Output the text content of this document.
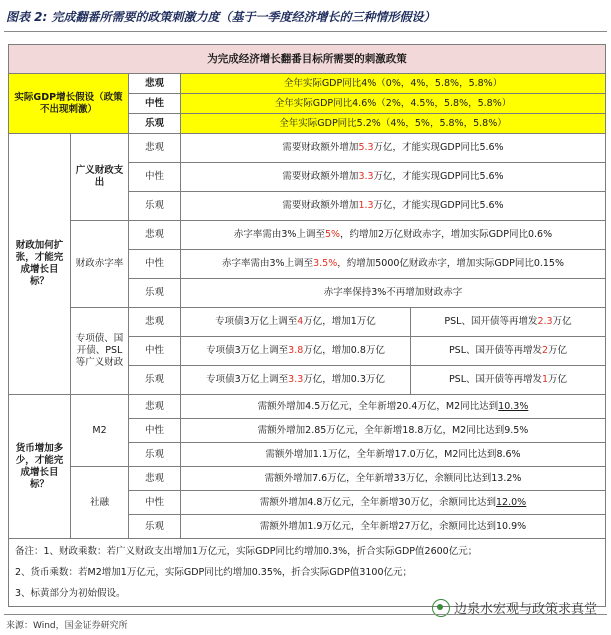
图表 2: 完成翻番所需要的政策刺激力度（基于一季度经济增长的三种情形假设）
为完成经济增长翻番目标所需要的刺激政策				
实际GDP增长假设（政策不出现刺激）		悲观	全年实际GDP同比4%（0%，4%，5.8%，5.8%）	
		中性	全年实际GDP同比4.6%（2%，4.5%，5.8%，5.8%）	
		乐观	全年实际GDP同比5.2%（4%，5%，5.8%，5.8%）	
财政加何扩张，才能完成增长目标？	广义财政支出	悲观	需要财政额外增加5.3万亿，才能实现GDP同比5.6%	
		中性	需要财政额外增加3.3万亿，才能实现GDP同比5.6%	
		乐观	需要财政额外增加1.3万亿，才能实现GDP同比5.6%	
	财政赤字率	悲观	赤字率需由3%上调至5%，约增加2万亿财政赤字，增加实际GDP同比0.6%	
		中性	赤字率需由3%上调至3.5%，約增加5000亿财政赤字，增加实际GDP同比0.15%	
		乐观	赤字率保持3%不再增加财政赤字	
	专项债、国开债、PSL等广义财政	悲观	专项债3万亿上调至4万亿，增加1万亿	PSL、国开债等再增发2.3万亿
		中性	专项债3万亿上调至3.8万亿，增加0.8万亿	PSL、国开债等再增发2万亿
		乐观	专项债3万亿上调至3.3万亿，增加0.3万亿	PSL、国开债等再增发1万亿
货币增加多少，才能完成增长目标？	M2	悲观	需额外增加4.5万亿元，全年新增20.4万亿，M2同比达到10.3%	
		中性	需额外增加2.85万亿元，全年新增18.8万亿，M2同比达到9.5%	
		乐观	需额外增加1.1万亿，全年新增17.0万亿，M2同比达到8.6%	
	社融	悲观	需额外增加7.6万亿，全年新增33万亿，余额同比达到13.2%	
		中性	需额外增加4.8万亿元，全年新增30万亿，余额同比达到12.0%	
		乐观	需额外增加1.9万亿元，全年新增27万亿，余额同比达到10.9%	

备注：1、财政乘数：若广义财政支出增加1万亿元，实际GDP同比约增加0.3%，折合实际GDP值2600亿元；
2、货币乘数：若M2增加1万亿元，实际GDP同比约增加0.35%，折合实际GDP值3100亿元；
3、标黄部分为初始假设。				
边泉水宏观与政策求真堂
来源：Wind，国金证券研究所
